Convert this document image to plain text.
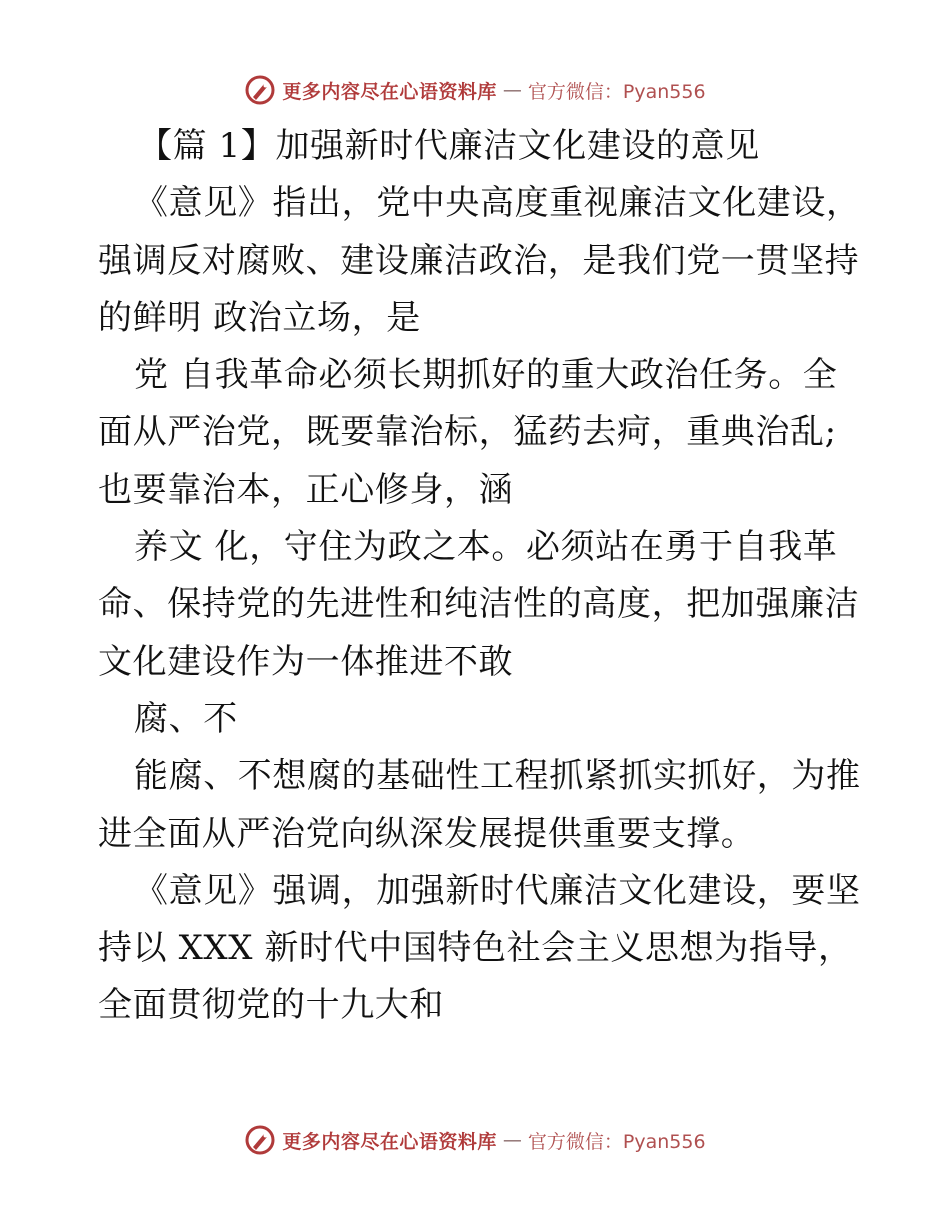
更多内容尽在心语资料库 — 官方微信：Pyan556
【篇 1】加强新时代廉洁文化建设的意见
《意见》指出，党中央高度重视廉洁文化建设，
强调反对腐败、建设廉洁政治，是我们党一贯坚持
的鲜明 政治立场，是
党 自我革命必须长期抓好的重大政治任务。全
面从严治党，既要靠治标，猛药去疴，重典治乱;
也要靠治本，正心修身，涵
养文 化，守住为政之本。必须站在勇于自我革
命、保持党的先进性和纯洁性的高度，把加强廉洁
文化建设作为一体推进不敢
腐、不
能腐、不想腐的基础性工程抓紧抓实抓好，为推
进全面从严治党向纵深发展提供重要支撑。
《意见》强调，加强新时代廉洁文化建设，要坚
持以 XXX 新时代中国特色社会主义思想为指导，
全面贯彻党的十九大和
更多内容尽在心语资料库 — 官方微信：Pyan556
